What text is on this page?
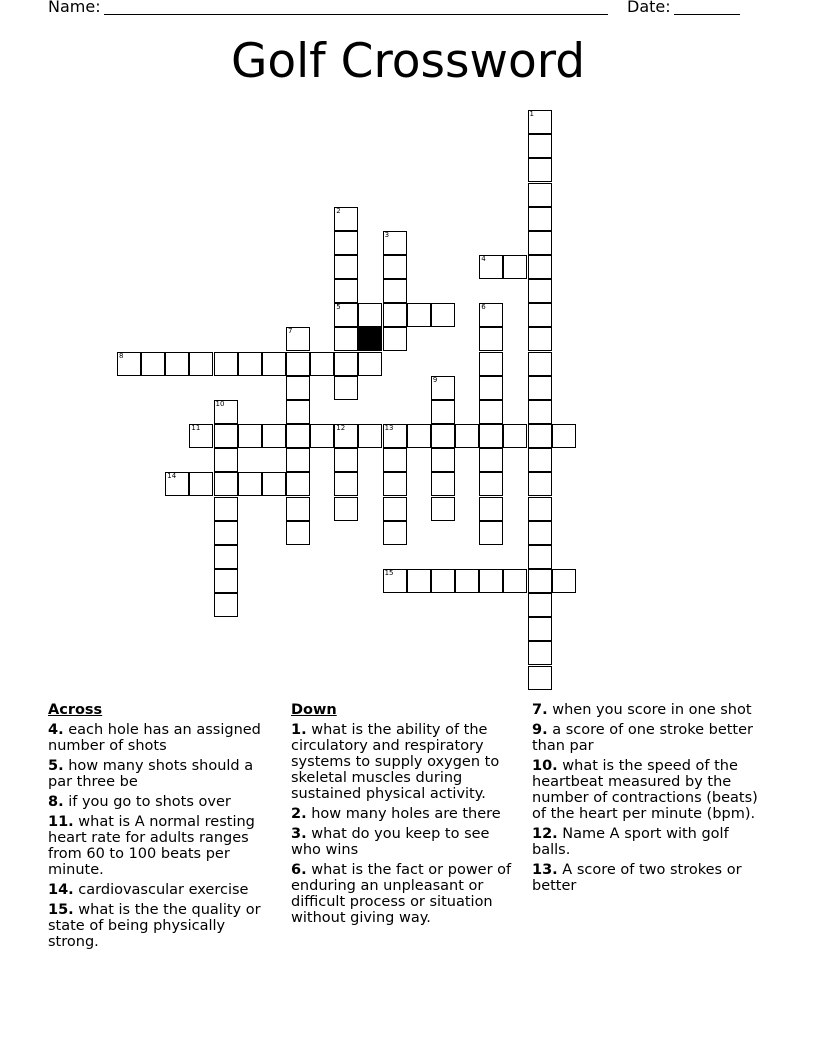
Name:	Date:
Golf Crossword
1
2
5
3
4
6
7
8
9
10
11	12	13
14
15
Across
4. each hole has an assigned number of shots
5. how many shots should a par three be
8. if you go to shots over
11. what is A normal resting heart rate for adults ranges from 60 to 100 beats per minute.
14. cardiovascular exercise
15. what is the the quality or state of being physically strong.
Down
1. what is the ability of the circulatory and respiratory systems to supply oxygen to skeletal muscles during sustained physical activity.
2. how many holes are there
3. what do you keep to see who wins
6. what is the fact or power of enduring an unpleasant or difficult process or situation without giving way.
7. when you score in one shot
9. a score of one stroke better than par
10. what is the speed of the heartbeat measured by the number of contractions (beats) of the heart per minute (bpm).
12. Name A sport with golf balls.
13. A score of two strokes or better
